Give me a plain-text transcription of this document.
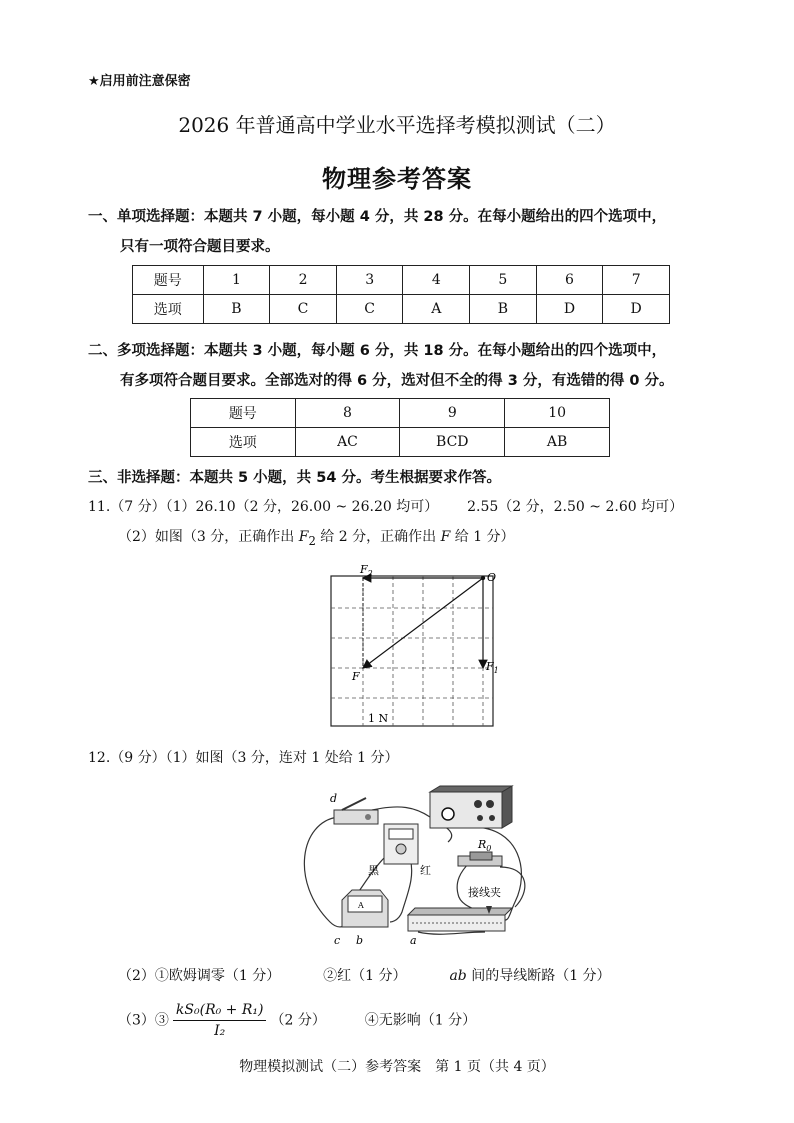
★启用前注意保密
2026 年普通高中学业水平选择考模拟测试（二）
物理参考答案
一、单项选择题：本题共 7 小题，每小题 4 分，共 28 分。在每小题给出的四个选项中，
只有一项符合题目要求。
题号	1	2	3	4	5	6	7
选项	B	C	C	A	B	D	D
二、多项选择题：本题共 3 小题，每小题 6 分，共 18 分。在每小题给出的四个选项中，
有多项符合题目要求。全部选对的得 6 分，选对但不全的得 3 分，有选错的得 0 分。
题号	8	9	10
选项	AC	BCD	AB
三、非选择题：本题共 5 小题，共 54 分。考生根据要求作答。
11.（7 分）（1）26.10（2 分，26.00 ~ 26.20 均可） 2.55（2 分，2.50 ~ 2.60 均可）
（2）如图（3 分，正确作出 $F_2$ 给 2 分，正确作出 F 给 1 分）
$F_2$	O
F
$F_1$
1 N
12.（9 分）（1）如图（3 分，连对 1 处给 1 分）
d
黑	红
$R_0$
接线夹
A
c b	a
（2）①欧姆调零（1 分）	②红（1 分）	ab 间的导线断路（1 分）
（3）③ $\frac{\text{kS₀(R₀ + R₁)}}{\text{I₂}} (2$ 分）	④无影响（1 分）
物理模拟测试（二）参考答案　第 1 页（共 4 页）
